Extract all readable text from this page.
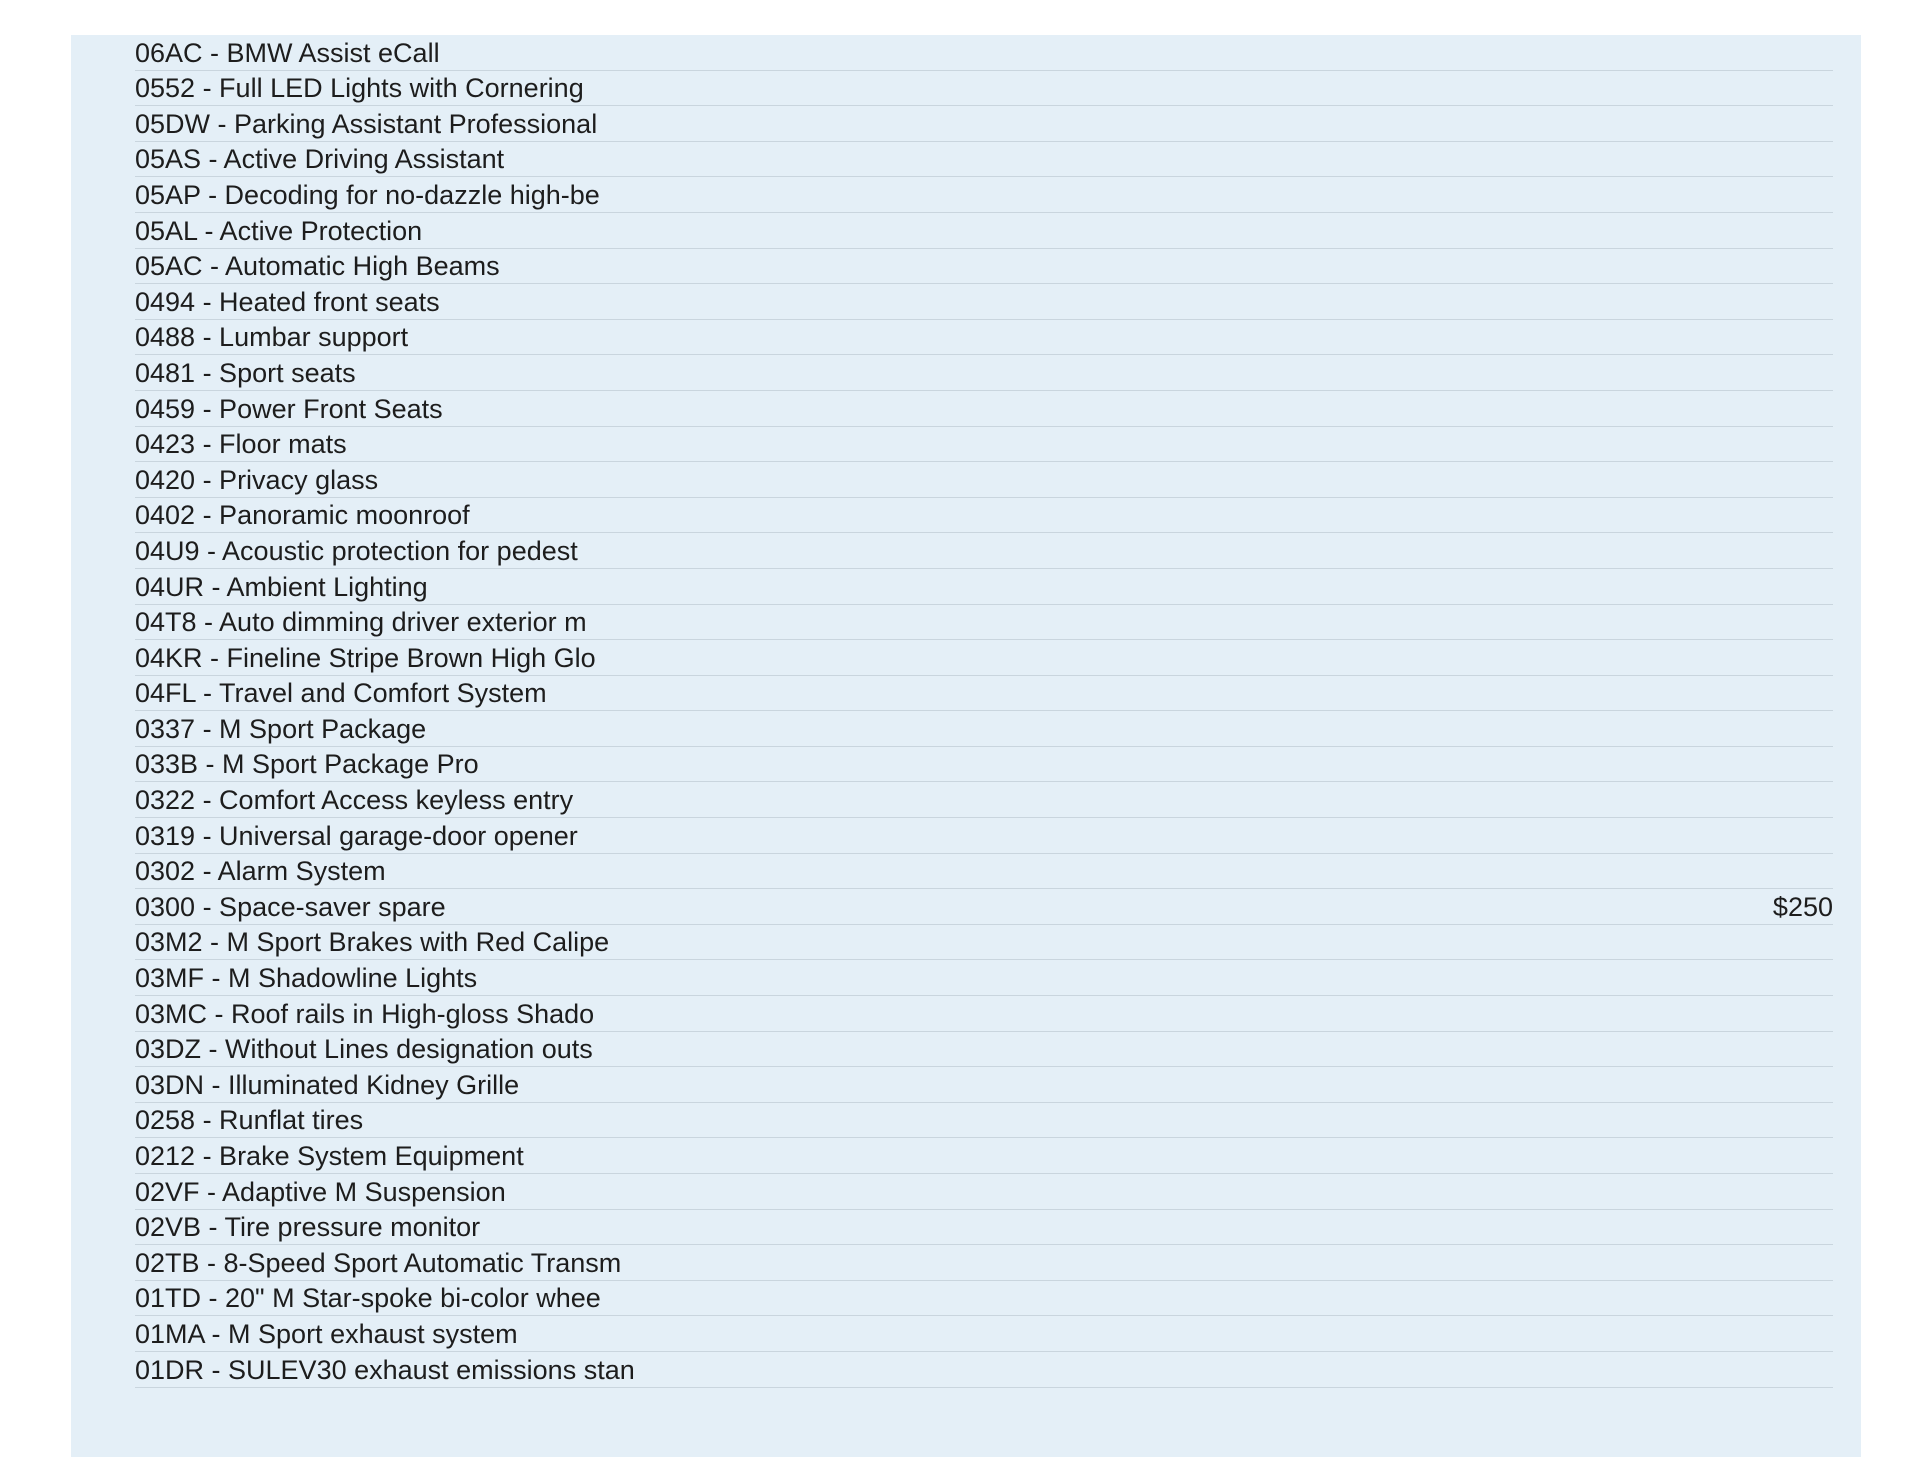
06AC - BMW Assist eCall
0552 - Full LED Lights with Cornering
05DW - Parking Assistant Professional
05AS - Active Driving Assistant
05AP - Decoding for no-dazzle high-be
05AL - Active Protection
05AC - Automatic High Beams
0494 - Heated front seats
0488 - Lumbar support
0481 - Sport seats
0459 - Power Front Seats
0423 - Floor mats
0420 - Privacy glass
0402 - Panoramic moonroof
04U9 - Acoustic protection for pedest
04UR - Ambient Lighting
04T8 - Auto dimming driver exterior m
04KR - Fineline Stripe Brown High Glo
04FL - Travel and Comfort System
0337 - M Sport Package
033B - M Sport Package Pro
0322 - Comfort Access keyless entry
0319 - Universal garage-door opener
0302 - Alarm System
0300 - Space-saver spare	$250
03M2 - M Sport Brakes with Red Calipe
03MF - M Shadowline Lights
03MC - Roof rails in High-gloss Shado
03DZ - Without Lines designation outs
03DN - Illuminated Kidney Grille
0258 - Runflat tires
0212 - Brake System Equipment
02VF - Adaptive M Suspension
02VB - Tire pressure monitor
02TB - 8-Speed Sport Automatic Transm
01TD - 20" M Star-spoke bi-color whee
01MA - M Sport exhaust system
01DR - SULEV30 exhaust emissions stan
